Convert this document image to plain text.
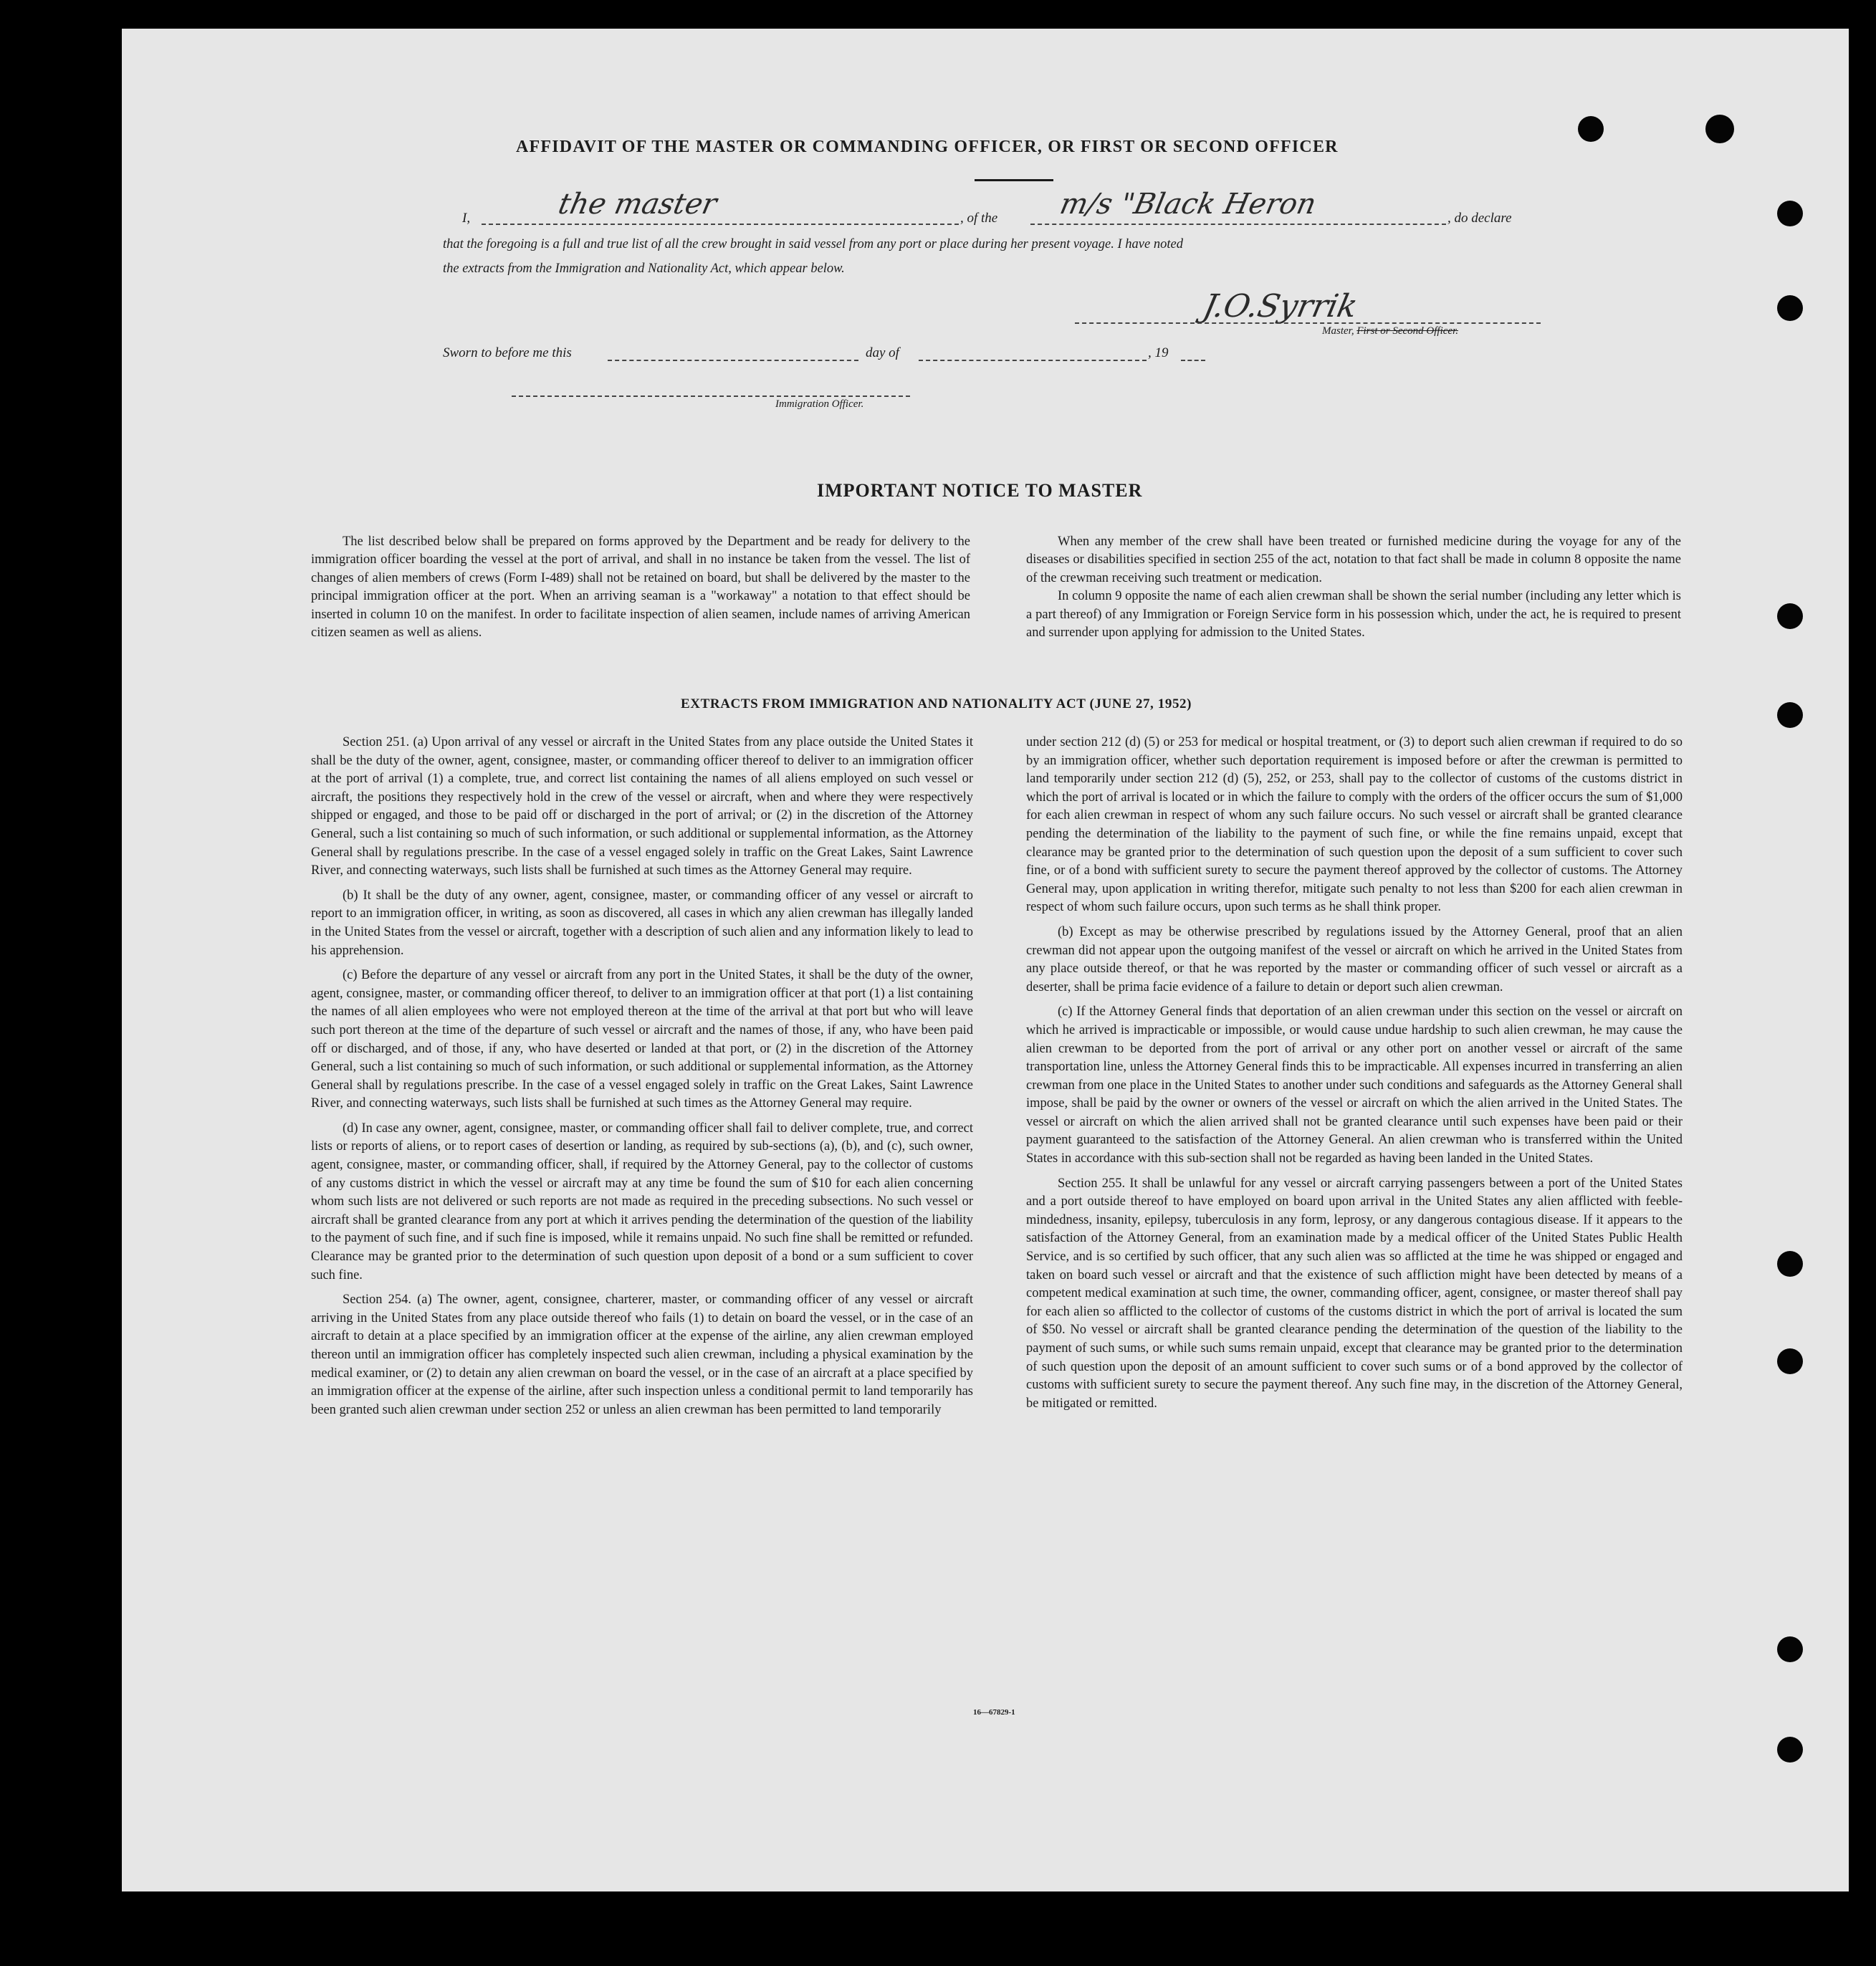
AFFIDAVIT OF THE MASTER OR COMMANDING OFFICER, OR FIRST OR SECOND OFFICER
I,	the master	, of the m/s "Black Heron	, do declare
that the foregoing is a full and true list of all the crew brought in said vessel from any port or place during her present voyage. I have noted
the extracts from the Immigration and Nationality Act, which appear below.
J.O.Syrrik
Master, First or Second Officer.
Sworn to before me this	day of	, 19
Immigration Officer.
IMPORTANT NOTICE TO MASTER

The list described below shall be prepared on forms approved by the Department and be ready for delivery to the immigration officer boarding the vessel at the port of arrival, and shall in no instance be taken from the vessel. The list of changes of alien members of crews (Form I-489) shall not be retained on board, but shall be delivered by the master to the principal immigration officer at the port. When an arriving seaman is a "workaway" a notation to that effect should be inserted in column 10 on the manifest. In order to facilitate inspection of alien seamen, include names of arriving American citizen seamen as well as aliens.

When any member of the crew shall have been treated or furnished medicine during the voyage for any of the diseases or disabilities specified in section 255 of the act, notation to that fact shall be made in column 8 opposite the name of the crewman receiving such treatment or medication.

In column 9 opposite the name of each alien crewman shall be shown the serial number (including any letter which is a part thereof) of any Immigration or Foreign Service form in his possession which, under the act, he is required to present and surrender upon applying for admission to the United States.

EXTRACTS FROM IMMIGRATION AND NATIONALITY ACT (JUNE 27, 1952)

Section 251. (a) Upon arrival of any vessel or aircraft in the United States from any place outside the United States it shall be the duty of the owner, agent, consignee, master, or commanding officer thereof to deliver to an immigration officer at the port of arrival (1) a complete, true, and correct list containing the names of all aliens employed on such vessel or aircraft, the positions they respectively hold in the crew of the vessel or aircraft, when and where they were respectively shipped or engaged, and those to be paid off or discharged in the port of arrival; or (2) in the discretion of the Attorney General, such a list containing so much of such information, or such additional or supplemental information, as the Attorney General shall by regulations prescribe. In the case of a vessel engaged solely in traffic on the Great Lakes, Saint Lawrence River, and connecting waterways, such lists shall be furnished at such times as the Attorney General may require.

(b) It shall be the duty of any owner, agent, consignee, master, or commanding officer of any vessel or aircraft to report to an immigration officer, in writing, as soon as discovered, all cases in which any alien crewman has illegally landed in the United States from the vessel or aircraft, together with a description of such alien and any information likely to lead to his apprehension.

(c) Before the departure of any vessel or aircraft from any port in the United States, it shall be the duty of the owner, agent, consignee, master, or commanding officer thereof, to deliver to an immigration officer at that port (1) a list containing the names of all alien employees who were not employed thereon at the time of the arrival at that port but who will leave such port thereon at the time of the departure of such vessel or aircraft and the names of those, if any, who have been paid off or discharged, and of those, if any, who have deserted or landed at that port, or (2) in the discretion of the Attorney General, such a list containing so much of such information, or such additional or supplemental information, as the Attorney General shall by regulations prescribe. In the case of a vessel engaged solely in traffic on the Great Lakes, Saint Lawrence River, and connecting waterways, such lists shall be furnished at such times as the Attorney General may require.

(d) In case any owner, agent, consignee, master, or commanding officer shall fail to deliver complete, true, and correct lists or reports of aliens, or to report cases of desertion or landing, as required by sub-sections (a), (b), and (c), such owner, agent, consignee, master, or commanding officer, shall, if required by the Attorney General, pay to the collector of customs of any customs district in which the vessel or aircraft may at any time be found the sum of $10 for each alien concerning whom such lists are not delivered or such reports are not made as required in the preceding subsections. No such vessel or aircraft shall be granted clearance from any port at which it arrives pending the determination of the question of the liability to the payment of such fine, and if such fine is imposed, while it remains unpaid. No such fine shall be remitted or refunded. Clearance may be granted prior to the determination of such question upon deposit of a bond or a sum sufficient to cover such fine.

Section 254. (a) The owner, agent, consignee, charterer, master, or commanding officer of any vessel or aircraft arriving in the United States from any place outside thereof who fails (1) to detain on board the vessel, or in the case of an aircraft to detain at a place specified by an immigration officer at the expense of the airline, any alien crewman employed thereon until an immigration officer has completely inspected such alien crewman, including a physical examination by the medical examiner, or (2) to detain any alien crewman on board the vessel, or in the case of an aircraft at a place specified by an immigration officer at the expense of the airline, after such inspection unless a conditional permit to land temporarily has been granted such alien crewman under section 252 or unless an alien crewman has been permitted to land temporarily

under section 212 (d) (5) or 253 for medical or hospital treatment, or (3) to deport such alien crewman if required to do so by an immigration officer, whether such deportation requirement is imposed before or after the crewman is permitted to land temporarily under section 212 (d) (5), 252, or 253, shall pay to the collector of customs of the customs district in which the port of arrival is located or in which the failure to comply with the orders of the officer occurs the sum of $1,000 for each alien crewman in respect of whom any such failure occurs. No such vessel or aircraft shall be granted clearance pending the determination of the liability to the payment of such fine, or while the fine remains unpaid, except that clearance may be granted prior to the determination of such question upon the deposit of a sum sufficient to cover such fine, or of a bond with sufficient surety to secure the payment thereof approved by the collector of customs. The Attorney General may, upon application in writing therefor, mitigate such penalty to not less than $200 for each alien crewman in respect of whom such failure occurs, upon such terms as he shall think proper.

(b) Except as may be otherwise prescribed by regulations issued by the Attorney General, proof that an alien crewman did not appear upon the outgoing manifest of the vessel or aircraft on which he arrived in the United States from any place outside thereof, or that he was reported by the master or commanding officer of such vessel or aircraft as a deserter, shall be prima facie evidence of a failure to detain or deport such alien crewman.

(c) If the Attorney General finds that deportation of an alien crewman under this section on the vessel or aircraft on which he arrived is impracticable or impossible, or would cause undue hardship to such alien crewman, he may cause the alien crewman to be deported from the port of arrival or any other port on another vessel or aircraft of the same transportation line, unless the Attorney General finds this to be impracticable. All expenses incurred in transferring an alien crewman from one place in the United States to another under such conditions and safeguards as the Attorney General shall impose, shall be paid by the owner or owners of the vessel or aircraft on which the alien arrived in the United States. The vessel or aircraft on which the alien arrived shall not be granted clearance until such expenses have been paid or their payment guaranteed to the satisfaction of the Attorney General. An alien crewman who is transferred within the United States in accordance with this sub-section shall not be regarded as having been landed in the United States.

Section 255. It shall be unlawful for any vessel or aircraft carrying passengers between a port of the United States and a port outside thereof to have employed on board upon arrival in the United States any alien afflicted with feeble-mindedness, insanity, epilepsy, tuberculosis in any form, leprosy, or any dangerous contagious disease. If it appears to the satisfaction of the Attorney General, from an examination made by a medical officer of the United States Public Health Service, and is so certified by such officer, that any such alien was so afflicted at the time he was shipped or engaged and taken on board such vessel or aircraft and that the existence of such affliction might have been detected by means of a competent medical examination at such time, the owner, commanding officer, agent, consignee, or master thereof shall pay for each alien so afflicted to the collector of customs of the customs district in which the port of arrival is located the sum of $50. No vessel or aircraft shall be granted clearance pending the determination of the question of the liability to the payment of such sums, or while such sums remain unpaid, except that clearance may be granted prior to the determination of such question upon the deposit of an amount sufficient to cover such sums or of a bond approved by the collector of customs with sufficient surety to secure the payment thereof. Any such fine may, in the discretion of the Attorney General, be mitigated or remitted.

16—67829-1
